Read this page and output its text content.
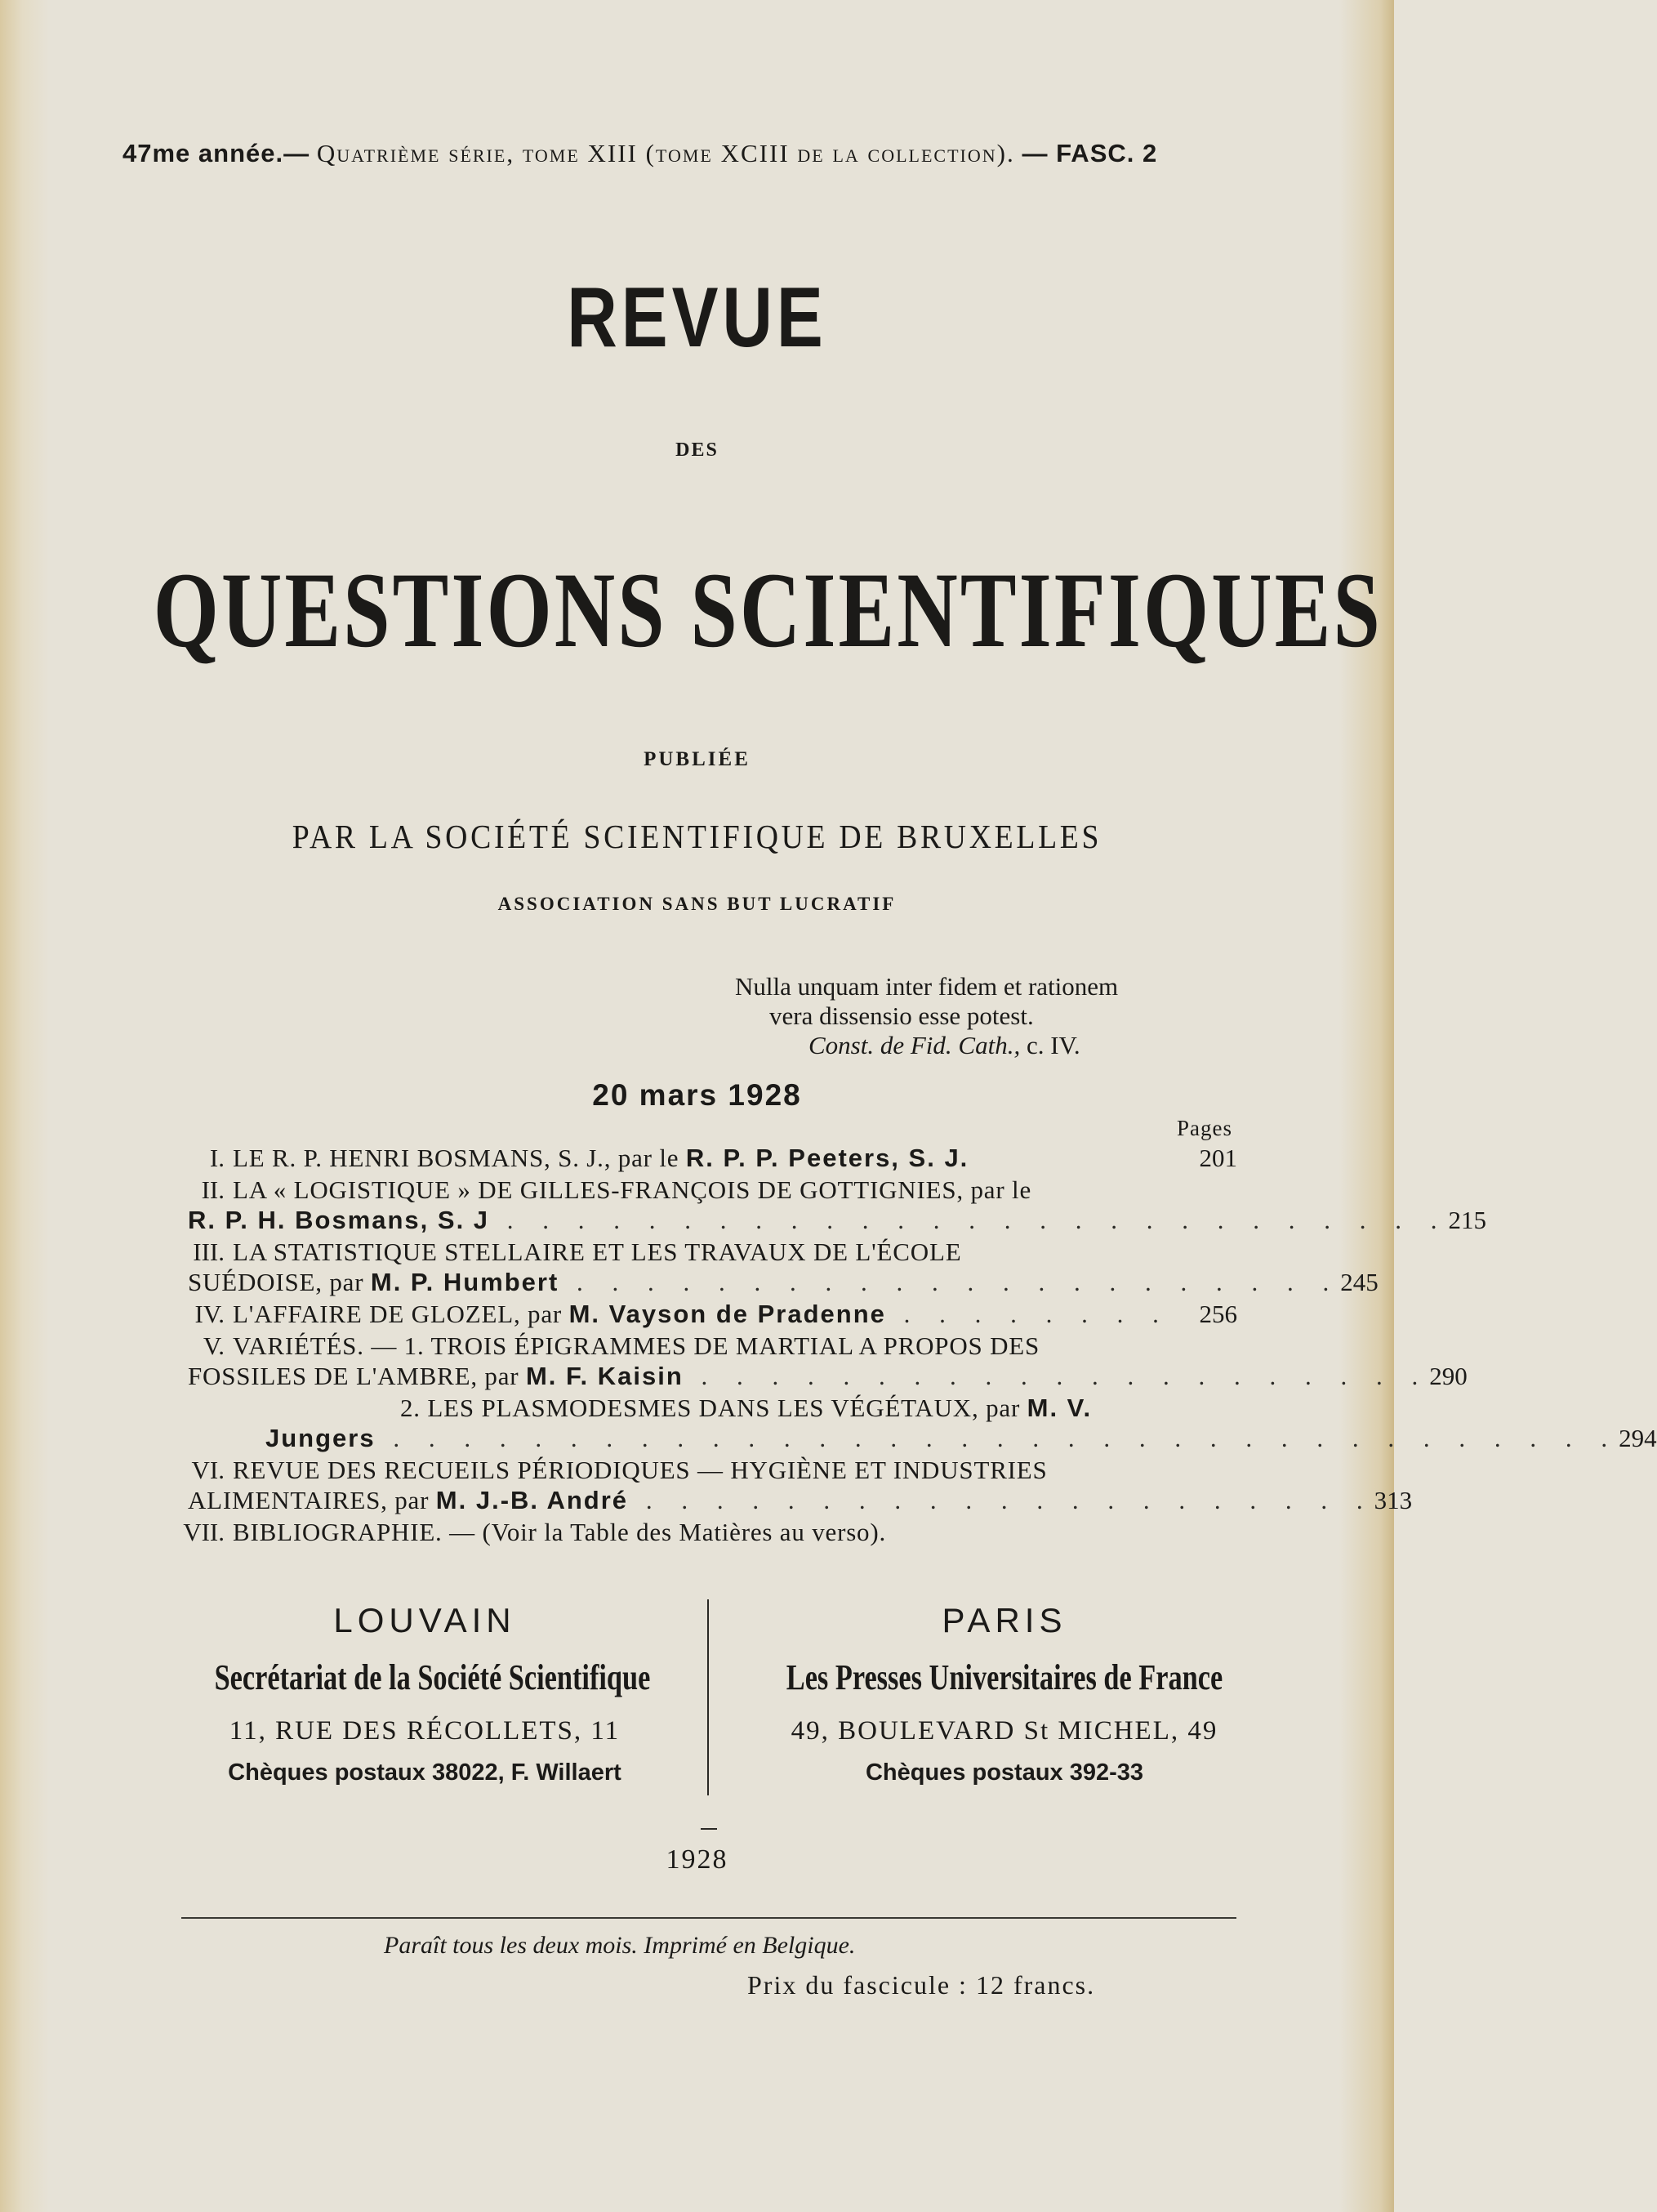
47me année.— Quatrième série, tome XIII (tome XCIII de la collection). — FASC. 2
REVUE
DES
QUESTIONS SCIENTIFIQUES
PUBLIÉE
PAR LA SOCIÉTÉ SCIENTIFIQUE DE BRUXELLES
ASSOCIATION SANS BUT LUCRATIF
Nulla unquam inter fidem et rationem
vera dissensio esse potest.
Const. de Fid. Cath., c. IV.
20 mars 1928
Pages
I. LE R. P. HENRI BOSMANS, S. J., par le R. P. P. Peeters, S. J.	201
II. LA « LOGISTIQUE » DE GILLES-FRANÇOIS DE GOTTIGNIES, par le
R. P. H. Bosmans, S. J . . . . . . . . . . . . . . . . . . . . . . . . . . . 215
III. LA STATISTIQUE STELLAIRE ET LES TRAVAUX DE L'ÉCOLE
SUÉDOISE, par M. P. Humbert . . . . . . . . . . . . . . . . . . . . . . 245
IV. L'AFFAIRE DE GLOZEL, par M. Vayson de Pradenne . . . . . . . .	256
V. VARIÉTÉS. — 1. TROIS ÉPIGRAMMES DE MARTIAL A PROPOS DES
FOSSILES DE L'AMBRE, par M. F. Kaisin . . . . . . . . . . . . . . . . . . . . . 290
2. LES PLASMODESMES DANS LES VÉGÉTAUX, par M. V.
Jungers . . . . . . . . . . . . . . . . . . . . . . . . . . . . . . . . . . . 294
VI. REVUE DES RECUEILS PÉRIODIQUES — HYGIÈNE ET INDUSTRIES
ALIMENTAIRES, par M. J.-B. André . . . . . . . . . . . . . . . . . . . . . 313
VII. BIBLIOGRAPHIE. — (Voir la Table des Matières au verso).
LOUVAIN
Secrétariat de la Société Scientifique
11, RUE DES RÉCOLLETS, 11
Chèques postaux 38022, F. Willaert
PARIS
Les Presses Universitaires de France
49, BOULEVARD St MICHEL, 49
Chèques postaux 392-33
1928
Paraît tous les deux mois. Imprimé en Belgique.
Prix du fascicule : 12 francs.
